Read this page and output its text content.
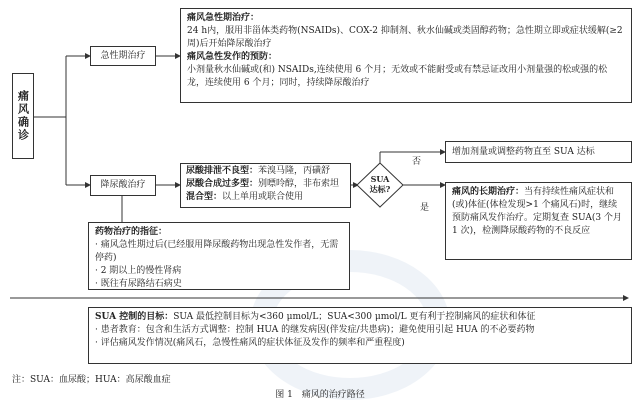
痛风确诊
急性期治疗
痛风急性期治疗：
24 h内，服用非甾体类药物(NSAIDs)、COX-2 抑制剂、秋水仙碱或类固醇药物；急性期立即或症状缓解(≥2 周)后开始降尿酸治疗
痛风急性发作的预防：
小剂量秋水仙碱或(和) NSAIDs,连续使用 6 个月；无效或不能耐受或有禁忌证改用小剂量强的松或强的松龙，连续使用 6 个月；同时，持续降尿酸治疗
降尿酸治疗
尿酸排泄不良型：苯溴马隆，丙磺舒
尿酸合成过多型：别嘌呤醇，非布索坦
混合型：以上单用或联合使用
SUA
达标?
否
是
增加剂量或调整药物直至 SUA 达标
痛风的长期治疗：当有持续性痛风症状和(或)体征(体检发现>1 个痛风石)时，继续预防痛风发作治疗。定期复查 SUA(3 个月 1 次)，检测降尿酸药物的不良反应
药物治疗的指征：
· 痛风急性期过后(已经服用降尿酸药物出现急性发作者，无需停药)
· 2 期以上的慢性肾病
· 既往有尿路结石病史
SUA 控制的目标：SUA 最低控制目标为<360 μmol/L；SUA<300 μmol/L 更有利于控制痛风的症状和体征
· 患者教育：包含和生活方式调整：控制 HUA 的继发病因(伴发症/共患病)；避免使用引起 HUA 的不必要药物
· 评估痛风发作情况(痛风石，急慢性痛风的症状体征及发作的频率和严重程度)
注：SUA：血尿酸；HUA：高尿酸血症
图 1　痛风的治疗路径
